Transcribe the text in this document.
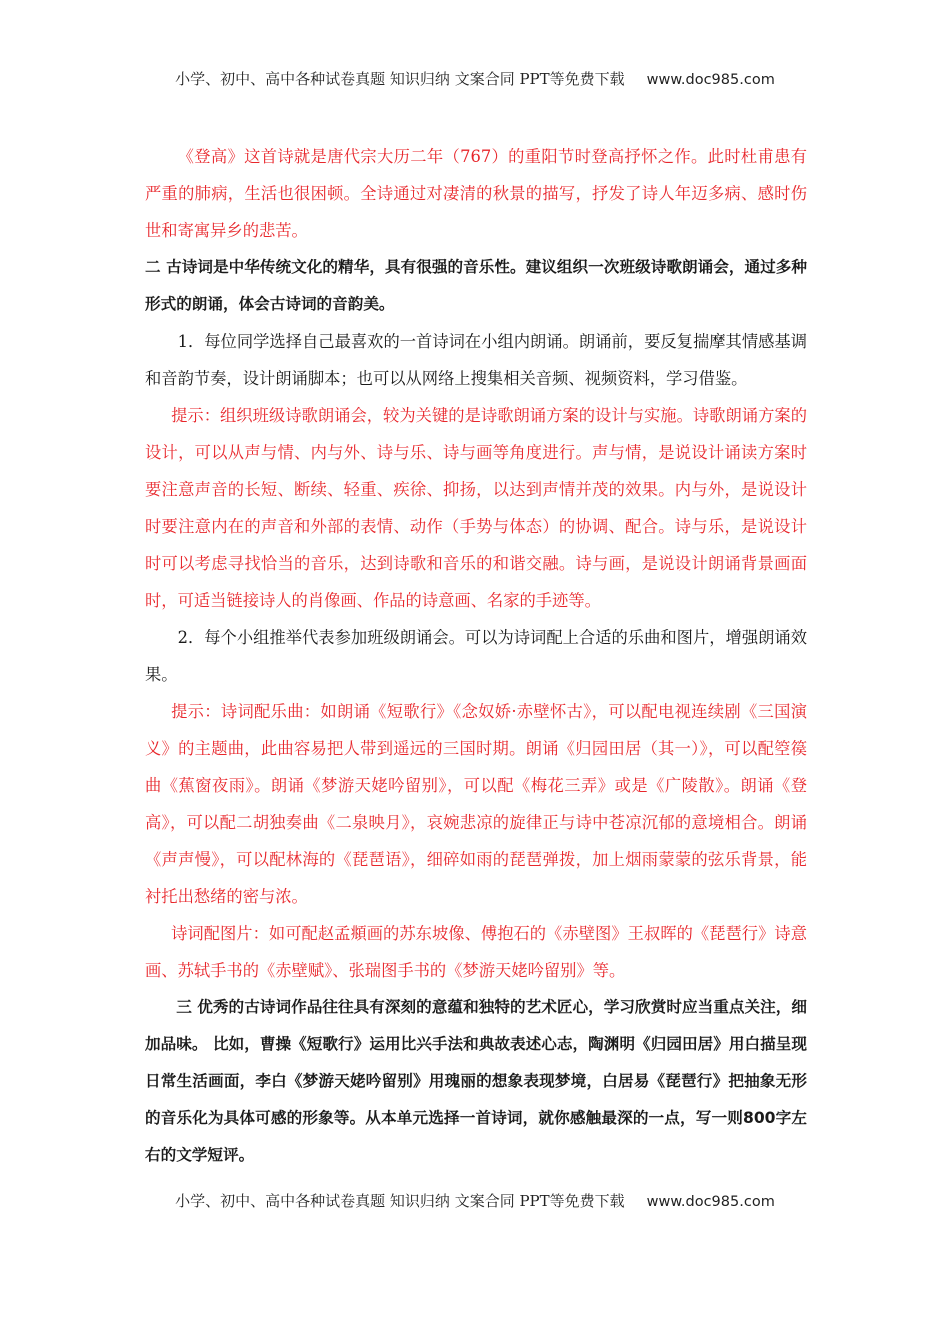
小学、初中、高中各种试卷真题 知识归纳 文案合同 PPT等免费下载 www.doc985.com

《登高》这首诗就是唐代宗大历二年（767）的重阳节时登高抒怀之作。此时杜甫患有严重的肺病，生活也很困顿。全诗通过对凄清的秋景的描写，抒发了诗人年迈多病、感时伤世和寄寓异乡的悲苦。

二 古诗词是中华传统文化的精华，具有很强的音乐性。建议组织一次班级诗歌朗诵会，通过多种形式的朗诵，体会古诗词的音韵美。

1．每位同学选择自己最喜欢的一首诗词在小组内朗诵。朗诵前，要反复揣摩其情感基调和音韵节奏，设计朗诵脚本；也可以从网络上搜集相关音频、视频资料，学习借鉴。

提示：组织班级诗歌朗诵会，较为关键的是诗歌朗诵方案的设计与实施。诗歌朗诵方案的设计，可以从声与情、内与外、诗与乐、诗与画等角度进行。声与情，是说设计诵读方案时要注意声音的长短、断续、轻重、疾徐、抑扬，以达到声情并茂的效果。内与外，是说设计时要注意内在的声音和外部的表情、动作（手势与体态）的协调、配合。诗与乐，是说设计时可以考虑寻找恰当的音乐，达到诗歌和音乐的和谐交融。诗与画，是说设计朗诵背景画面时，可适当链接诗人的肖像画、作品的诗意画、名家的手迹等。

2．每个小组推举代表参加班级朗诵会。可以为诗词配上合适的乐曲和图片，增强朗诵效果。

提示：诗词配乐曲：如朗诵《短歌行》《念奴娇·赤壁怀古》，可以配电视连续剧《三国演义》的主题曲，此曲容易把人带到遥远的三国时期。朗诵《归园田居（其一）》，可以配箜篌曲《蕉窗夜雨》。朗诵《梦游天姥吟留别》，可以配《梅花三弄》或是《广陵散》。朗诵《登高》，可以配二胡独奏曲《二泉映月》，哀婉悲凉的旋律正与诗中苍凉沉郁的意境相合。朗诵《声声慢》，可以配林海的《琵琶语》，细碎如雨的琵琶弹拨，加上烟雨蒙蒙的弦乐背景，能衬托出愁绪的密与浓。

诗词配图片：如可配赵孟頫画的苏东坡像、傅抱石的《赤壁图》王叔晖的《琵琶行》诗意画、苏轼手书的《赤壁赋》、张瑞图手书的《梦游天姥吟留别》等。

三 优秀的古诗词作品往往具有深刻的意蕴和独特的艺术匠心，学习欣赏时应当重点关注，细加品味。 比如，曹操《短歌行》运用比兴手法和典故表述心志，陶渊明《归园田居》用白描呈现日常生活画面，李白《梦游天姥吟留别》用瑰丽的想象表现梦境，白居易《琵琶行》把抽象无形的音乐化为具体可感的形象等。从本单元选择一首诗词，就你感触最深的一点，写一则800字左右的文学短评。

小学、初中、高中各种试卷真题 知识归纳 文案合同 PPT等免费下载 www.doc985.com
